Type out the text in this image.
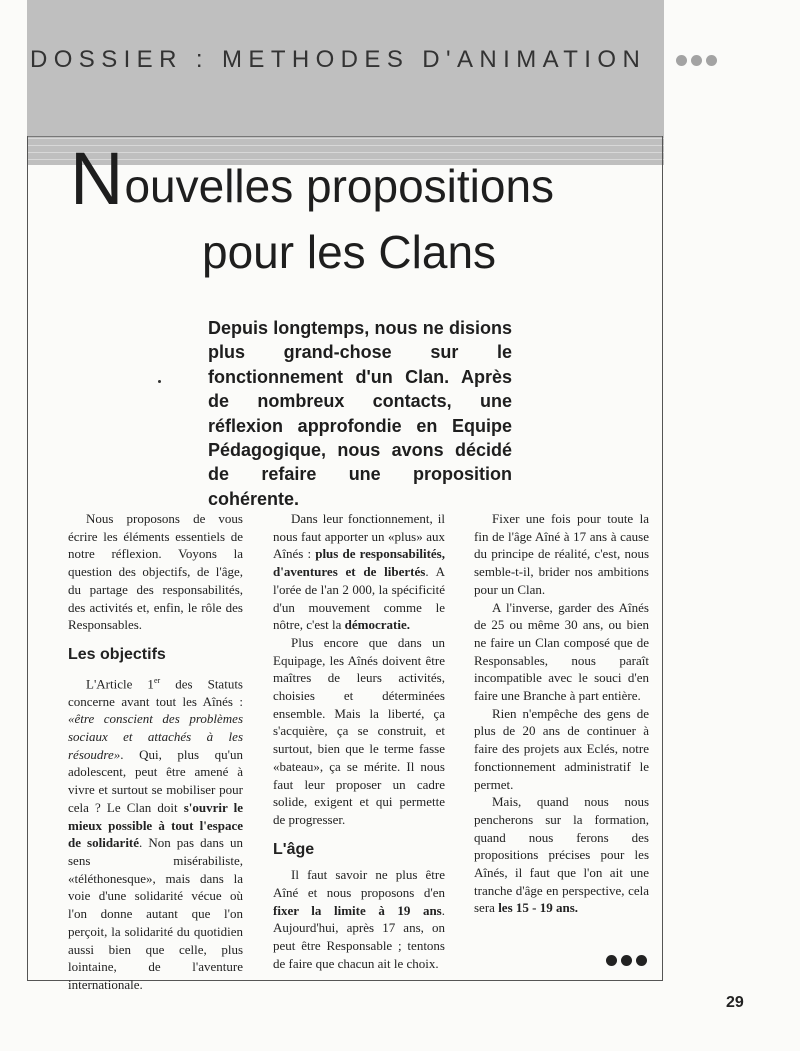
DOSSIER : METHODES D'ANIMATION
Nouvelles propositions
pour les Clans

Depuis longtemps, nous ne disions plus grand-chose sur le fonctionnement d'un Clan. Après de nombreux contacts, une réflexion approfondie en Equipe Pédagogique, nous avons décidé de refaire une proposition cohérente.

Nous proposons de vous écrire les éléments essentiels de notre réflexion. Voyons la question des objectifs, de l'âge, du partage des responsabilités, des activités et, enfin, le rôle des Responsables.

Les objectifs

L'Article 1er des Statuts concerne avant tout les Aînés : «être conscient des problèmes sociaux et attachés à les résoudre». Qui, plus qu'un adolescent, peut être amené à vivre et surtout se mobiliser pour cela ? Le Clan doit s'ouvrir le mieux possible à tout l'espace de solidarité. Non pas dans un sens misérabiliste, «téléthonesque», mais dans la voie d'une solidarité vécue où l'on donne autant que l'on perçoit, la solidarité du quotidien aussi bien que celle, plus lointaine, de l'aventure internationale.

Dans leur fonctionnement, il nous faut apporter un «plus» aux Aînés : plus de responsabilités, d'aventures et de libertés. A l'orée de l'an 2 000, la spécificité d'un mouvement comme le nôtre, c'est la démocratie.

Plus encore que dans un Equipage, les Aînés doivent être maîtres de leurs activités, choisies et déterminées ensemble. Mais la liberté, ça s'acquière, ça se construit, et surtout, bien que le terme fasse «bateau», ça se mérite. Il nous faut leur proposer un cadre solide, exigent et qui permette de progresser.

L'âge

Il faut savoir ne plus être Aîné et nous proposons d'en fixer la limite à 19 ans. Aujourd'hui, après 17 ans, on peut être Responsable ; tentons de faire que chacun ait le choix.

Fixer une fois pour toute la fin de l'âge Aîné à 17 ans à cause du principe de réalité, c'est, nous semble-t-il, brider nos ambitions pour un Clan.

A l'inverse, garder des Aînés de 25 ou même 30 ans, ou bien ne faire un Clan composé que de Responsables, nous paraît incompatible avec le souci d'en faire une Branche à part entière.

Rien n'empêche des gens de plus de 20 ans de continuer à faire des projets aux Eclés, notre fonctionnement administratif le permet.

Mais, quand nous nous pencherons sur la formation, quand nous ferons des propositions précises pour les Aînés, il faut que l'on ait une tranche d'âge en perspective, cela sera les 15 - 19 ans.

29
